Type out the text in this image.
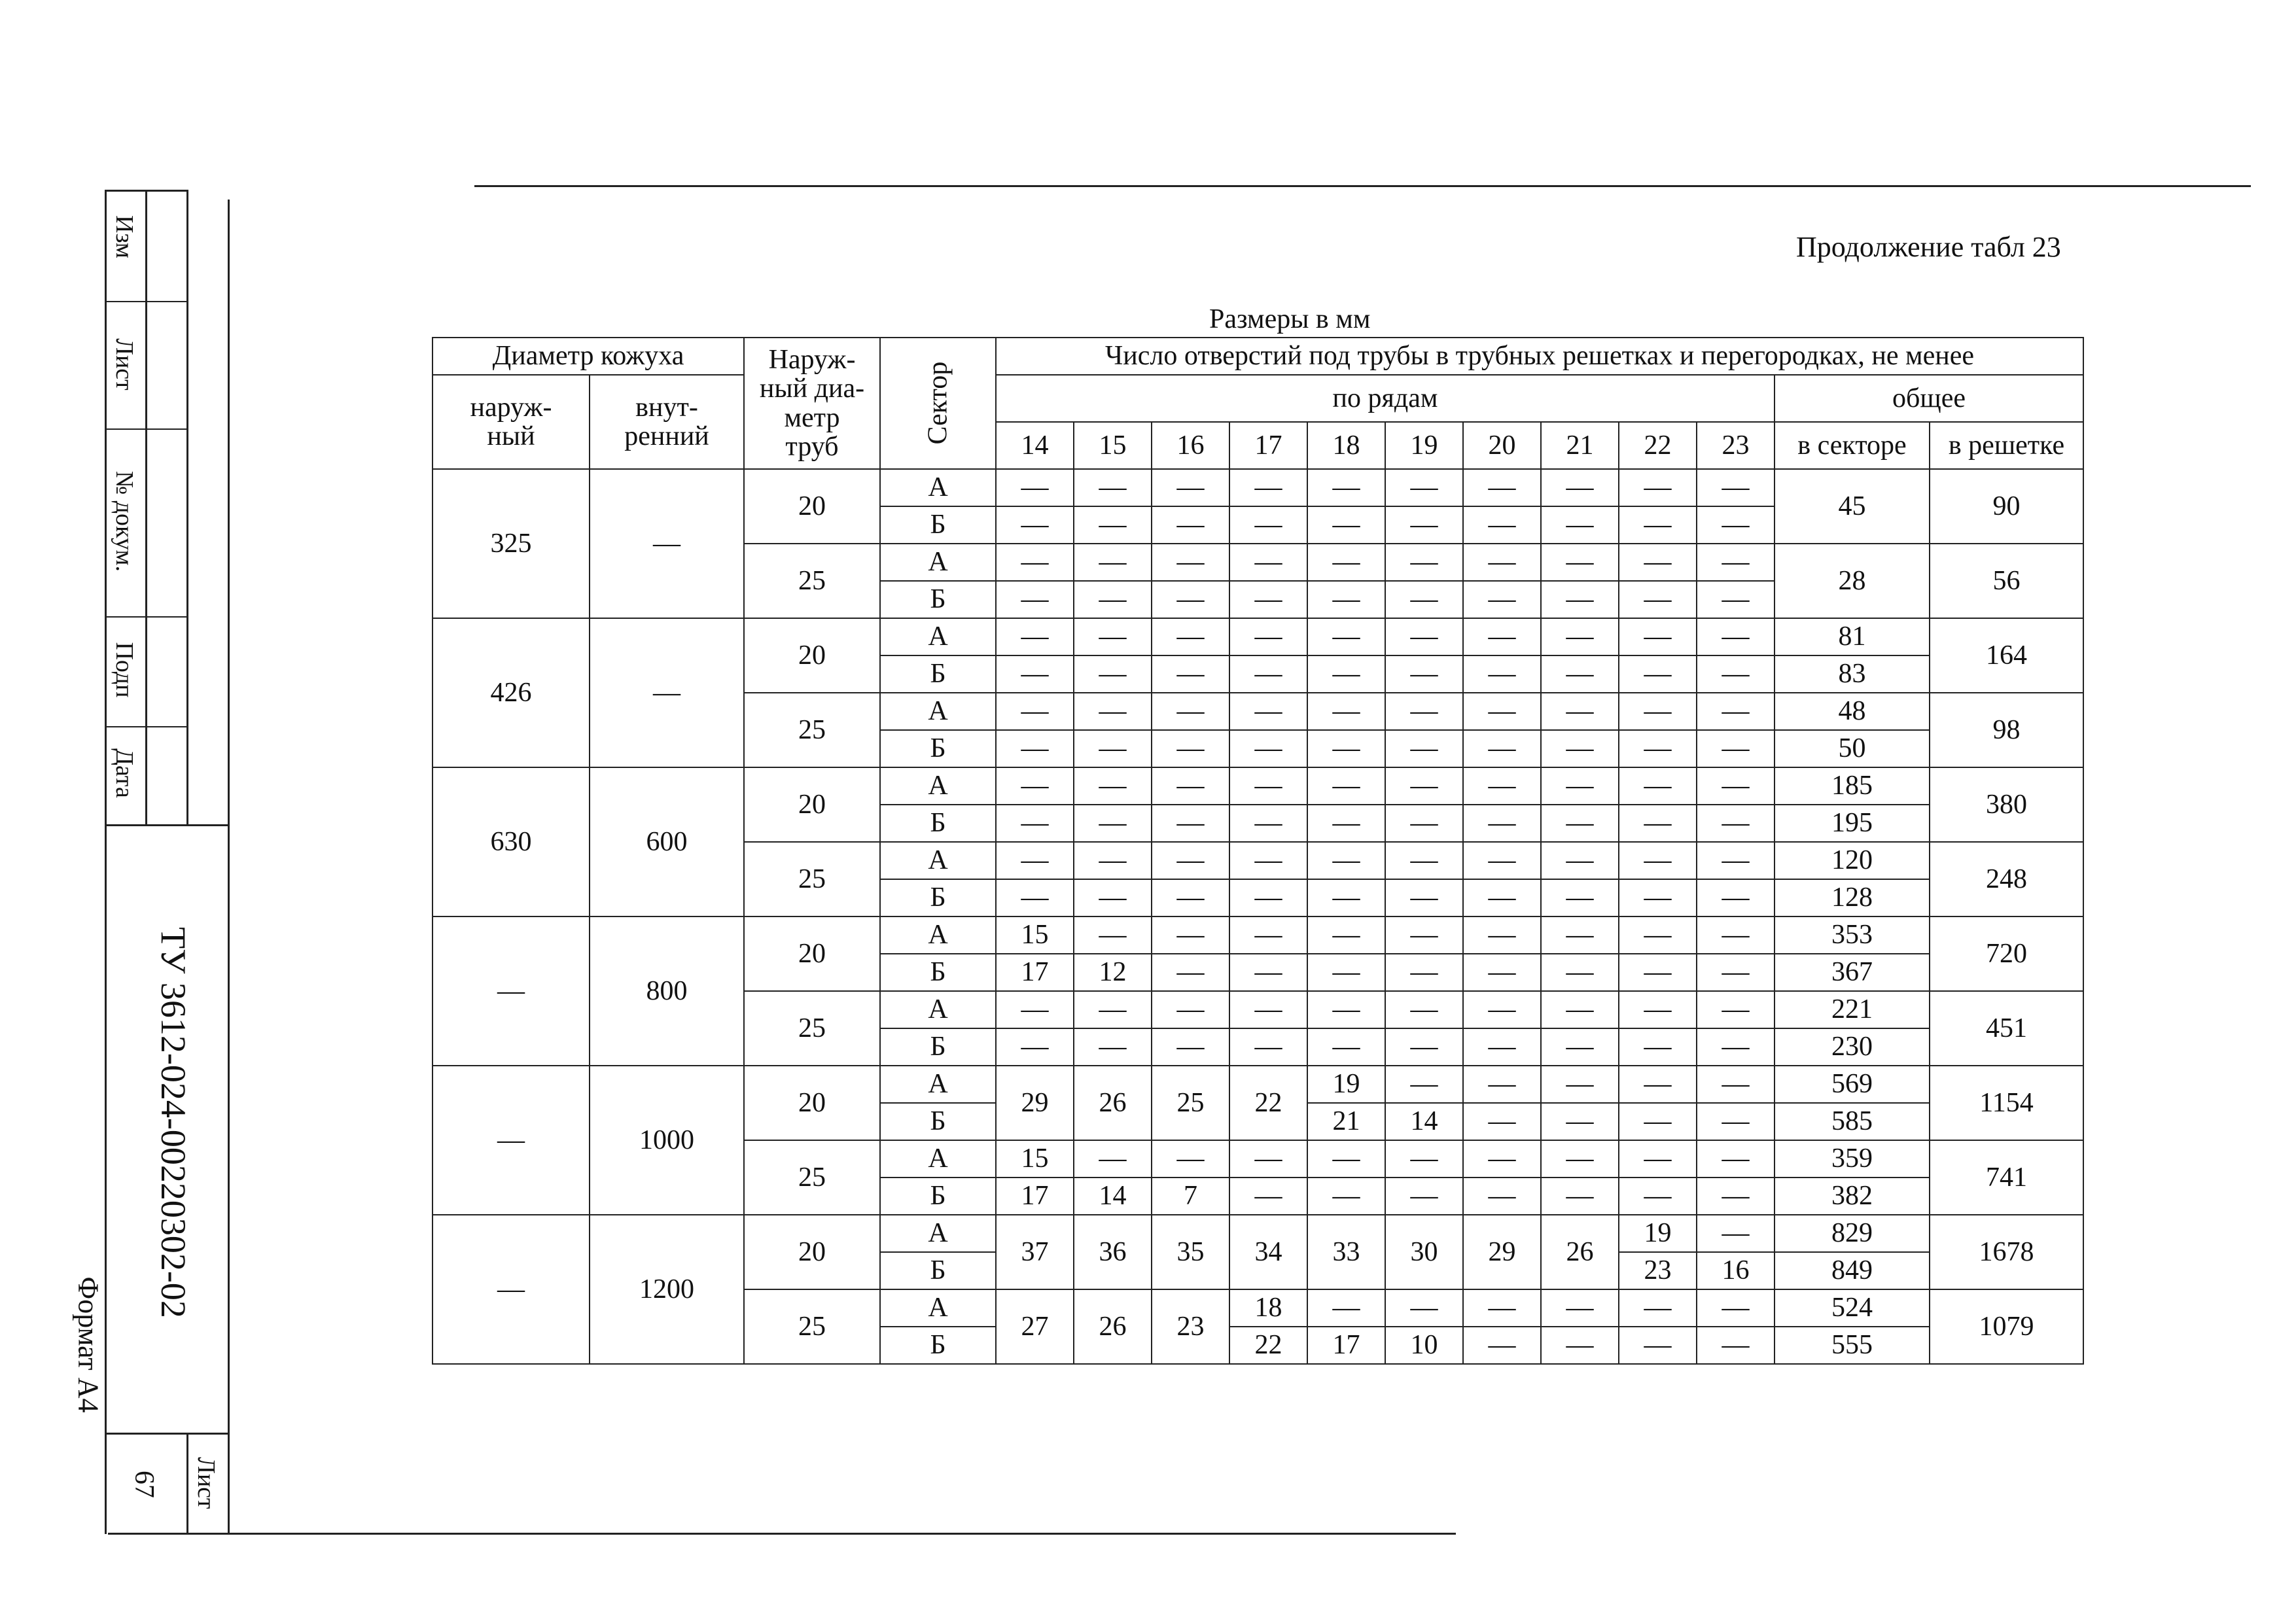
Изм
Лист
№ докум.
Подп
Дата
ТУ 3612-024-00220302-02
Формат А4
Лист
67
Продолжение табл 23
Размеры в мм
Диаметр кожуха		Наруж-
ный диа-
метр
труб	Сектор	Число отверстий под трубы в трубных решетках и перегородках, не менее											
наруж-
ный	внут-
ренний			по рядам										общее	
				14	15	16	17	18	19	20	21	22	23	в секторе	в решетке
325	—	20	А	—	—	—	—	—	—	—	—	—	—	45	90
			Б	—	—	—	—	—	—	—	—	—	—		
		25	А	—	—	—	—	—	—	—	—	—	—	28	56
			Б	—	—	—	—	—	—	—	—	—	—		
426	—	20	А	—	—	—	—	—	—	—	—	—	—	81	164
			Б	—	—	—	—	—	—	—	—	—	—	83	
		25	А	—	—	—	—	—	—	—	—	—	—	48	98
			Б	—	—	—	—	—	—	—	—	—	—	50	
630	600	20	А	—	—	—	—	—	—	—	—	—	—	185	380
			Б	—	—	—	—	—	—	—	—	—	—	195	
		25	А	—	—	—	—	—	—	—	—	—	—	120	248
			Б	—	—	—	—	—	—	—	—	—	—	128	
—	800	20	А	15	—	—	—	—	—	—	—	—	—	353	720
			Б	17	12	—	—	—	—	—	—	—	—	367	
		25	А	—	—	—	—	—	—	—	—	—	—	221	451
			Б	—	—	—	—	—	—	—	—	—	—	230	
—	1000	20	А	29	26	25	22	19	—	—	—	—	—	569	1154
			Б					21	14	—	—	—	—	585	
		25	А	15	—	—	—	—	—	—	—	—	—	359	741
			Б	17	14	7	—	—	—	—	—	—	—	382	
—	1200	20	А	37	36	35	34	33	30	29	26	19	—	829	1678
			Б									23	16	849	
		25	А	27	26	23	18	—	—	—	—	—	—	524	1079
			Б				22	17	10	—	—	—	—	555	
